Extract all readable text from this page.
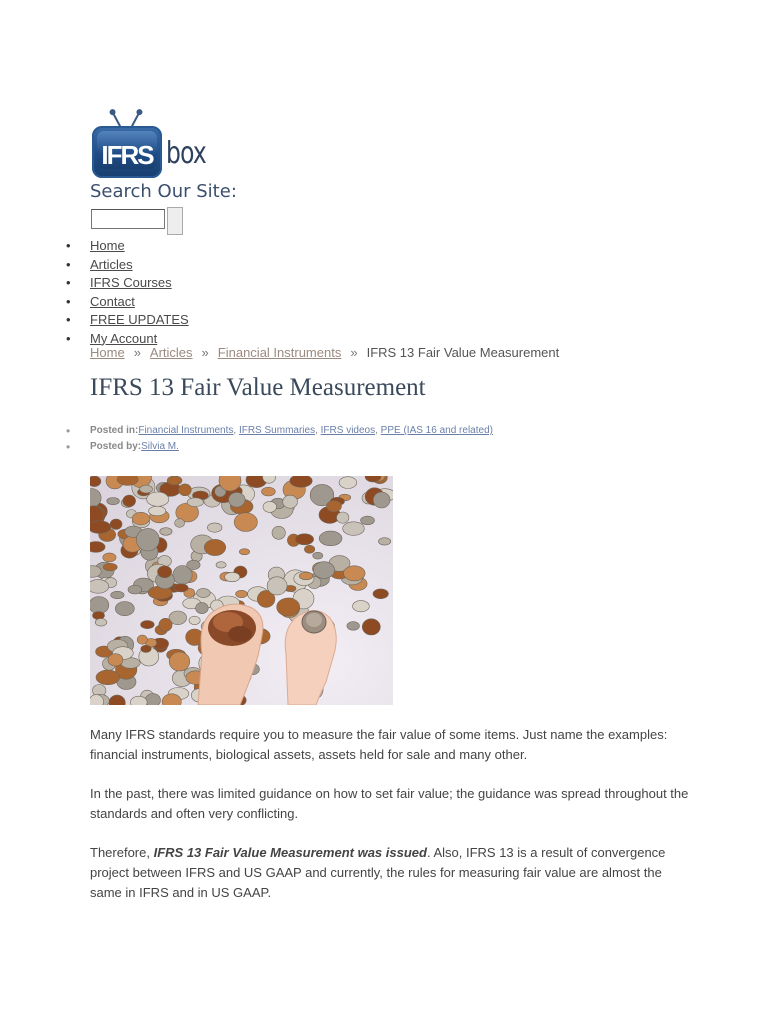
IFRS box
Search Our Site:
• Home
• Articles
• IFRS Courses
• Contact
• FREE UPDATES
• My Account
Home » Articles » Financial Instruments » IFRS 13 Fair Value Measurement
IFRS 13 Fair Value Measurement
• Posted in:Financial Instruments, IFRS Summaries, IFRS videos, PPE (IAS 16 and related)
• Posted by:Silvia M.

Many IFRS standards require you to measure the fair value of some items. Just name the examples: financial instruments, biological assets, assets held for sale and many other.

In the past, there was limited guidance on how to set fair value; the guidance was spread throughout the standards and often very conflicting.

Therefore, IFRS 13 Fair Value Measurement was issued. Also, IFRS 13 is a result of convergence project between IFRS and US GAAP and currently, the rules for measuring fair value are almost the same in IFRS and in US GAAP.
